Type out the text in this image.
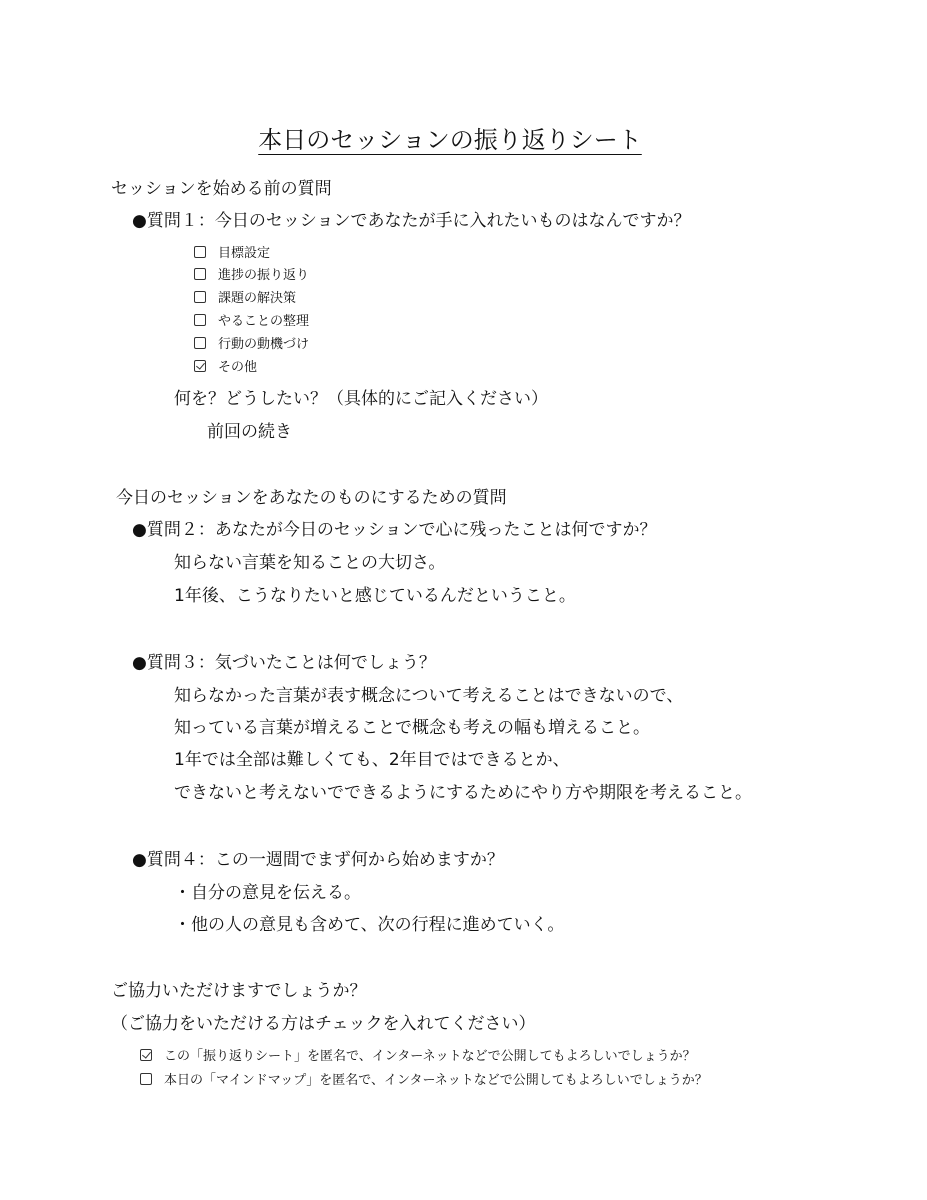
本日のセッションの振り返りシート
セッションを始める前の質問
●質問１：今日のセッションであなたが手に入れたいものはなんですか？
目標設定
進捗の振り返り
課題の解決策
やることの整理
行動の動機づけ
その他
何を？どうしたい？（具体的にご記入ください）
前回の続き
今日のセッションをあなたのものにするための質問
●質問２：あなたが今日のセッションで心に残ったことは何ですか？
知らない言葉を知ることの大切さ。
1年後、こうなりたいと感じているんだということ。
●質問３：気づいたことは何でしょう？
知らなかった言葉が表す概念について考えることはできないので、
知っている言葉が増えることで概念も考えの幅も増えること。
1年では全部は難しくても、2年目ではできるとか、
できないと考えないでできるようにするためにやり方や期限を考えること。
●質問４：この一週間でまず何から始めますか？
・自分の意見を伝える。
・他の人の意見も含めて、次の行程に進めていく。
ご協力いただけますでしょうか？
（ご協力をいただける方はチェックを入れてください）
この「振り返りシート」を匿名で、インターネットなどで公開してもよろしいでしょうか？
本日の「マインドマップ」を匿名で、インターネットなどで公開してもよろしいでしょうか？
